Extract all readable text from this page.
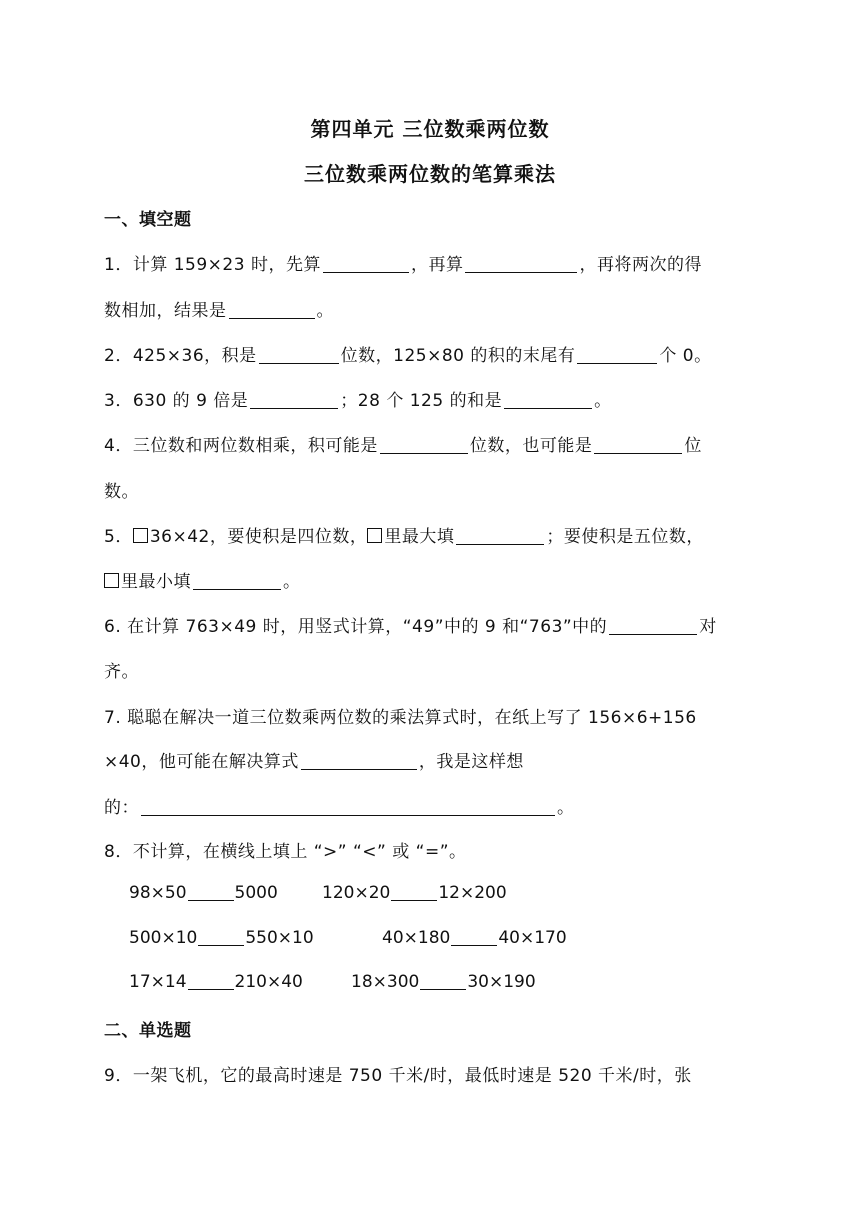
第四单元 三位数乘两位数
三位数乘两位数的笔算乘法
一、填空题
1．计算 159×23 时，先算	，再算	，再将两次的得
数相加，结果是	。
2．425×36，积是	位数，125×80 的积的末尾有	个 0。
3．630 的 9 倍是	；28 个 125 的和是	。
4．三位数和两位数相乘，积可能是	位数，也可能是	位
数。
5． 36×42，要使积是四位数， 里最大填	；要使积是五位数，
里最小填	。
6. 在计算 763×49 时，用竖式计算，“49”中的 9 和“763”中的	对
齐。
7. 聪聪在解决一道三位数乘两位数的乘法算式时，在纸上写了 156×6+156
×40，他可能在解决算式	，我是这样想
的：	。
8．不计算，在横线上填上 “>” “<” 或 “=”。
98×50	5000	120×20	12×200
500×10	550×10	40×180	40×170
17×14	210×40	18×300	30×190
二、单选题
9．一架飞机，它的最高时速是 750 千米/时，最低时速是 520 千米/时，张
